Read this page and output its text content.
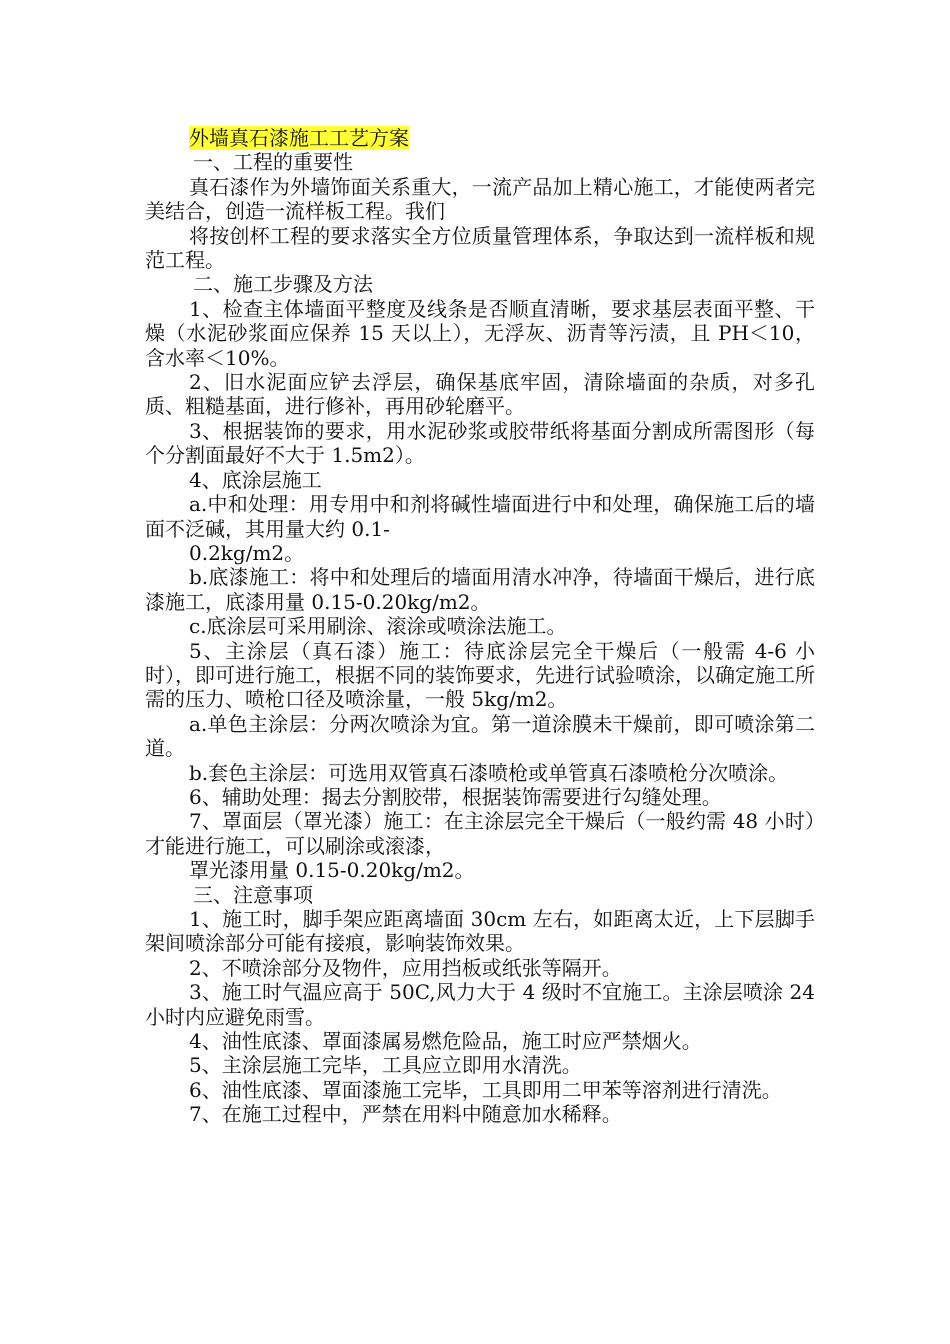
外墙真石漆施工工艺方案

一、工程的重要性

真石漆作为外墙饰面关系重大，一流产品加上精心施工，才能使两者完美结合，创造一流样板工程。我们

将按创杯工程的要求落实全方位质量管理体系，争取达到一流样板和规范工程。

二、施工步骤及方法

1、检查主体墙面平整度及线条是否顺直清晰，要求基层表面平整、干燥（水泥砂浆面应保养 15 天以上），无浮灰、沥青等污渍，且 PH＜10，含水率＜10%。

2、旧水泥面应铲去浮层，确保基底牢固，清除墙面的杂质，对多孔质、粗糙基面，进行修补，再用砂轮磨平。

3、根据装饰的要求，用水泥砂浆或胶带纸将基面分割成所需图形（每个分割面最好不大于 1.5m2）。

4、底涂层施工

a.中和处理：用专用中和剂将碱性墙面进行中和处理，确保施工后的墙面不泛碱，其用量大约 0.1-

0.2kg/m2。

b.底漆施工：将中和处理后的墙面用清水冲净，待墙面干燥后，进行底漆施工，底漆用量 0.15-0.20kg/m2。

c.底涂层可采用刷涂、滚涂或喷涂法施工。

5、主涂层（真石漆）施工：待底涂层完全干燥后（一般需 4-6 小时），即可进行施工，根据不同的装饰要求，先进行试验喷涂，以确定施工所需的压力、喷枪口径及喷涂量，一般 5kg/m2。

a.单色主涂层：分两次喷涂为宜。第一道涂膜未干燥前，即可喷涂第二道。

b.套色主涂层：可选用双管真石漆喷枪或单管真石漆喷枪分次喷涂。

6、辅助处理：揭去分割胶带，根据装饰需要进行勾缝处理。

7、罩面层（罩光漆）施工：在主涂层完全干燥后（一般约需 48 小时）才能进行施工，可以刷涂或滚漆，

罩光漆用量 0.15-0.20kg/m2。

三、注意事项

1、施工时，脚手架应距离墙面 30cm 左右，如距离太近，上下层脚手架间喷涂部分可能有接痕，影响装饰效果。

2、不喷涂部分及物件，应用挡板或纸张等隔开。

3、施工时气温应高于 50C,风力大于 4 级时不宜施工。主涂层喷涂 24 小时内应避免雨雪。

4、油性底漆、罩面漆属易燃危险品，施工时应严禁烟火。

5、主涂层施工完毕，工具应立即用水清洗。

6、油性底漆、罩面漆施工完毕，工具即用二甲苯等溶剂进行清洗。

7、在施工过程中，严禁在用料中随意加水稀释。
